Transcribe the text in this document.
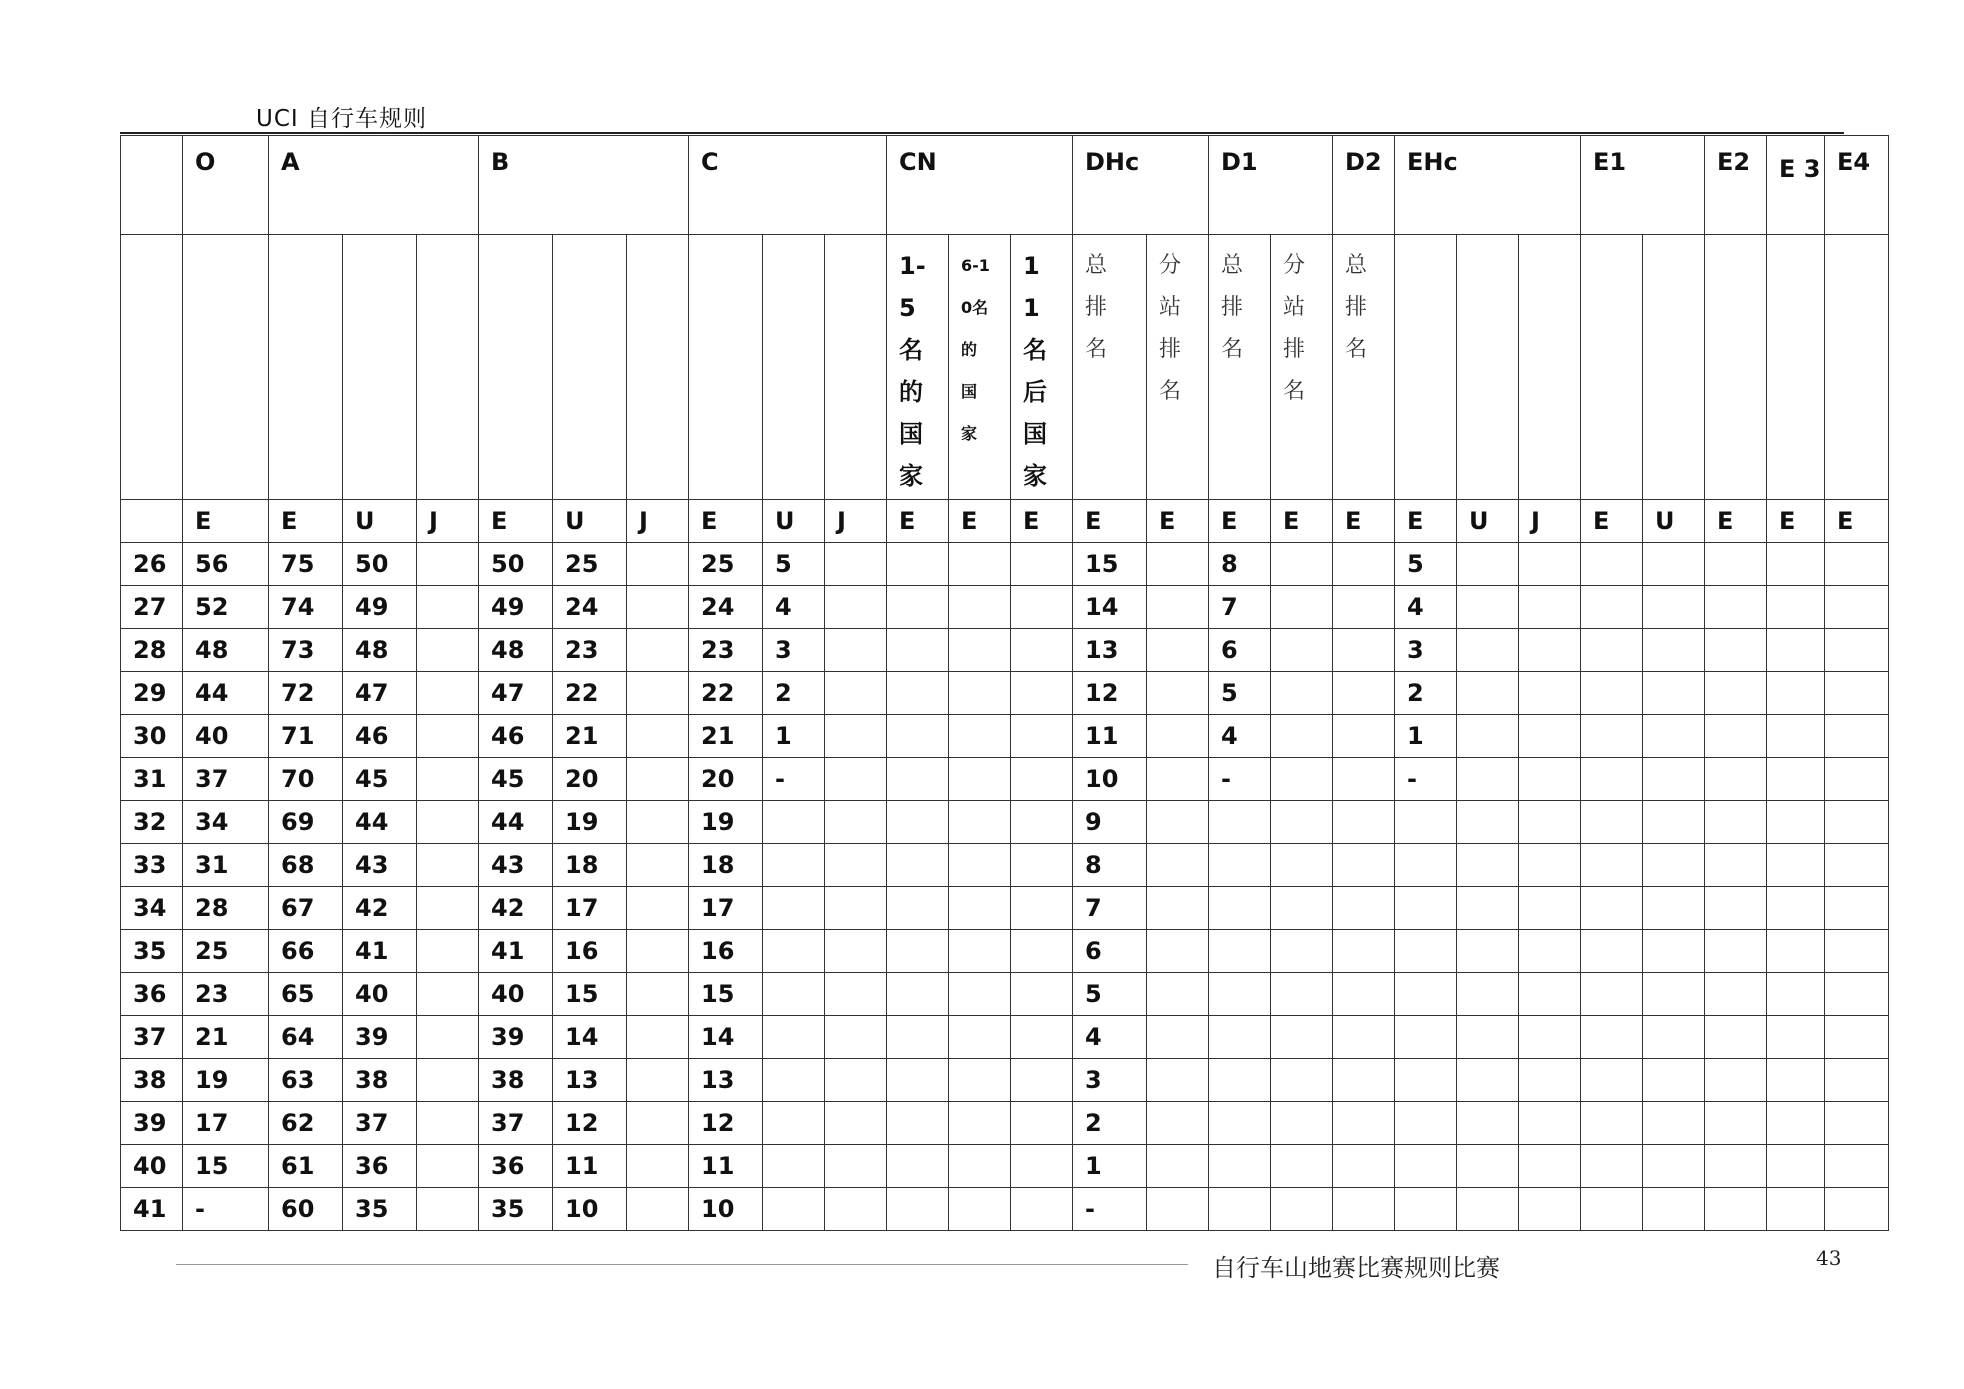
UCI 自行车规则
	O	A			B			C			CN			DHc		D1		D2	EHc			E1		E2	E 3	E4

											1-5名的国家	6-10名的国家	11名后国家	总排名	分站排名	总排名	分站排名	总排名								

	E	E	U	J	E	U	J	E	U	J	E	E	E	E	E	E	E	E	E	U	J	E	U	E	E	E
26	56	75	50		50	25		25	5					15		8			5							
27	52	74	49		49	24		24	4					14		7			4							
28	48	73	48		48	23		23	3					13		6			3							
29	44	72	47		47	22		22	2					12		5			2							
30	40	71	46		46	21		21	1					11		4			1							
31	37	70	45		45	20		20	-					10		-			-							
32	34	69	44		44	19		19						9												
33	31	68	43		43	18		18						8												
34	28	67	42		42	17		17						7												
35	25	66	41		41	16		16						6												
36	23	65	40		40	15		15						5												
37	21	64	39		39	14		14						4												
38	19	63	38		38	13		13						3												
39	17	62	37		37	12		12						2												
40	15	61	36		36	11		11						1												
41	-	60	35		35	10		10						-												
自行车山地赛比赛规则比赛	43
